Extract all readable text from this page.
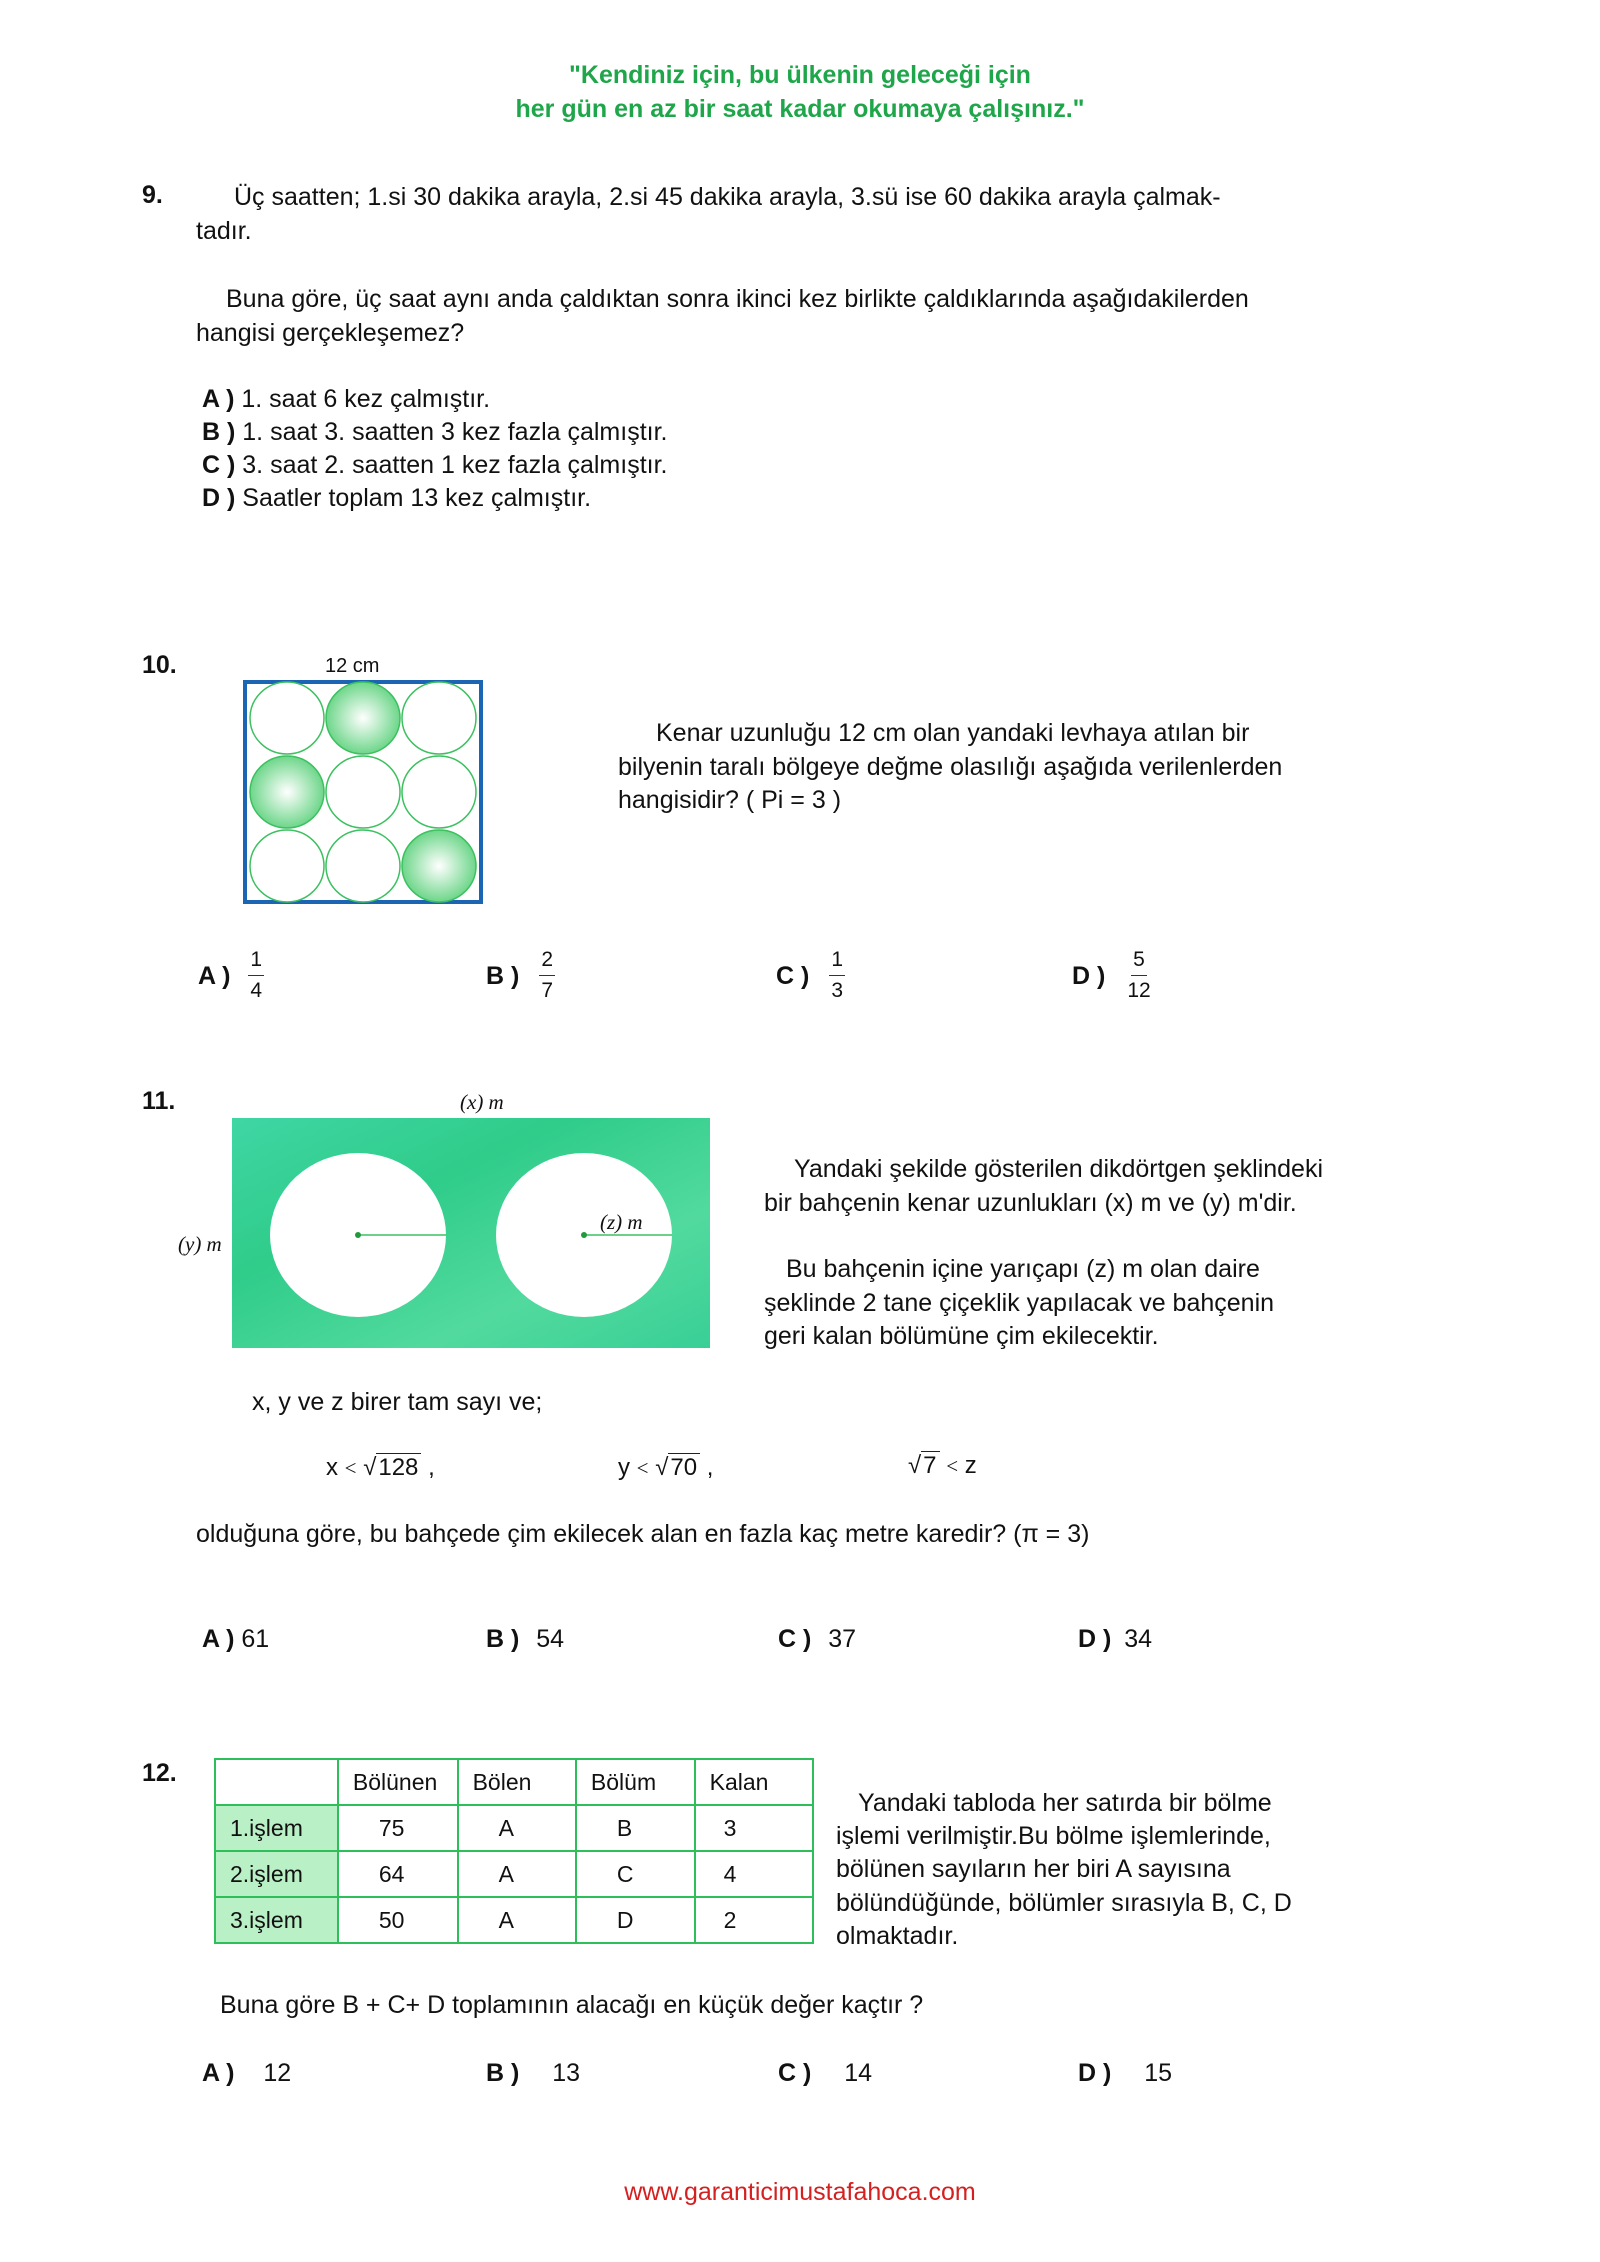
"Kendiniz için, bu ülkenin geleceği için
her gün en az bir saat kadar okumaya çalışınız."
9.	Üç saatten; 1.si 30 dakika arayla, 2.si 45 dakika arayla, 3.sü ise 60 dakika arayla çalmak-
tadır.
Buna göre, üç saat aynı anda çaldıktan sonra ikinci kez birlikte çaldıklarında aşağıdakilerden
hangisi gerçekleşemez?
A ) 1. saat 6 kez çalmıştır.
B ) 1. saat 3. saatten 3 kez fazla çalmıştır.
C ) 3. saat 2. saatten 1 kez fazla çalmıştır.
D ) Saatler toplam 13 kez çalmıştır.
10.	12 cm
Kenar uzunluğu 12 cm olan yandaki levhaya atılan bir
bilyenin taralı bölgeye değme olasılığı aşağıda verilenlerden
hangisidir? ( Pi = 3 )
A ) $\frac{1}{4}$	B ) $\frac{2}{7}$	C ) $\frac{1}{3}$	D ) $\frac{5}{12}$
11.	(x) m
(y) m
(z) m
Yandaki şekilde gösterilen dikdörtgen şeklindeki
bir bahçenin kenar uzunlukları (x) m ve (y) m'dir.
Bu bahçenin içine yarıçapı (z) m olan daire
şeklinde 2 tane çiçeklik yapılacak ve bahçenin
geri kalan bölümüne çim ekilecektir.
x, y ve z birer tam sayı ve;
x < √128 ,	y < √70 ,	√7 < z
olduğuna göre, bu bahçede çim ekilecek alan en fazla kaç metre karedir? (π = 3)
A ) 61	B ) 54	C ) 37	D ) 34
12.
		Bölünen	Bölen	Bölüm	Kalan
1.işlem	75	A	B	3
2.işlem	64	A	C	4
3.işlem	50	A	D	2
Yandaki tabloda her satırda bir bölme
işlemi verilmiştir.Bu bölme işlemlerinde,
bölünen sayıların her biri A sayısına
bölündüğünde, bölümler sırasıyla B, C, D
olmaktadır.
Buna göre B + C+ D toplamının alacağı en küçük değer kaçtır ?
A ) 12	B ) 13	C ) 14	D ) 15
www.garanticimustafahoca.com
